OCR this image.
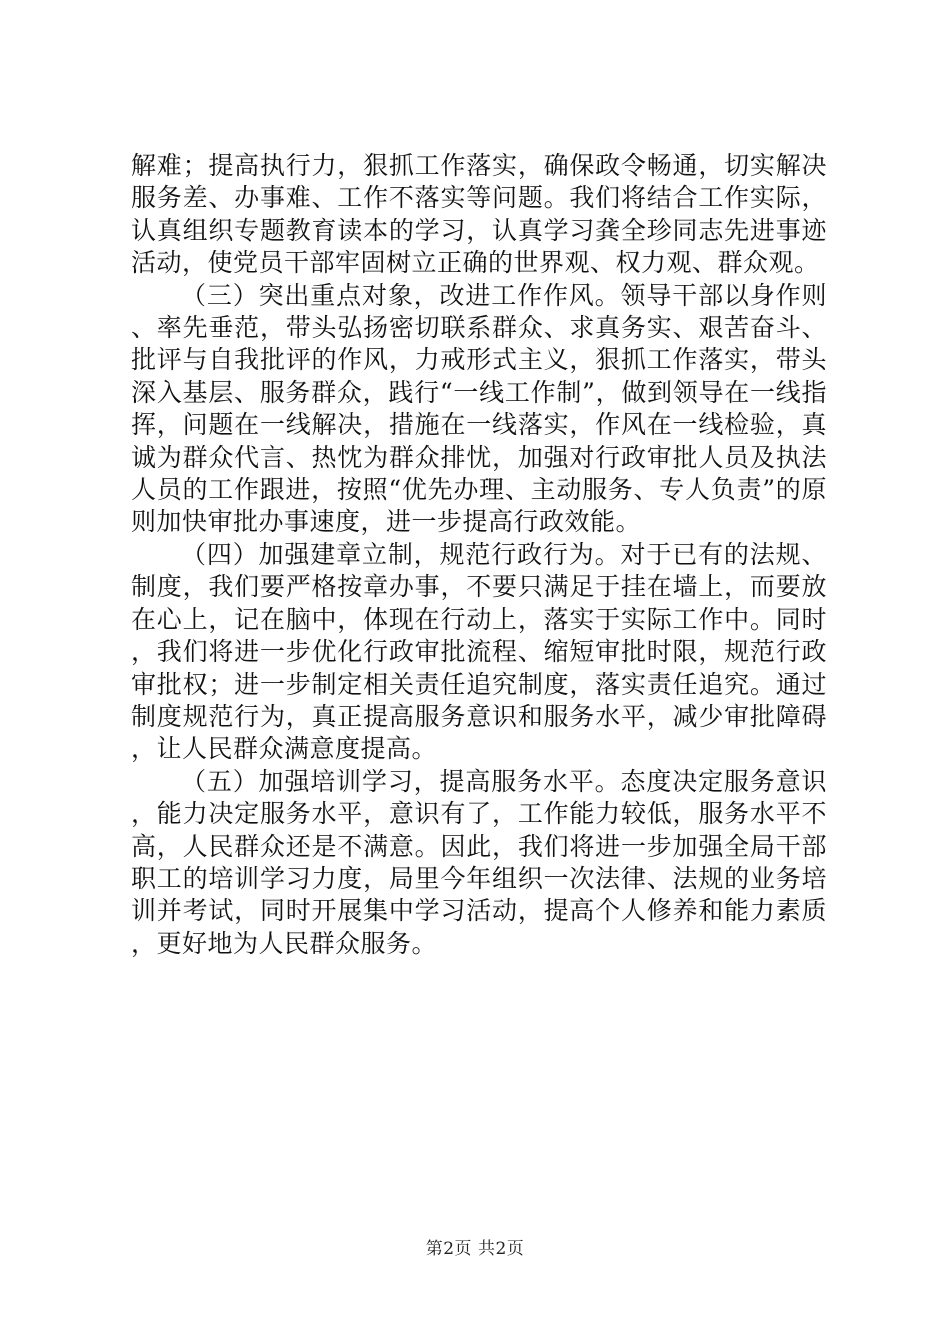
解难；提高执行力，狠抓工作落实，确保政令畅通，切实解决服务差、办事难、工作不落实等问题。我们将结合工作实际，认真组织专题教育读本的学习，认真学习龚全珍同志先进事迹活动，使党员干部牢固树立正确的世界观、权力观、群众观。

（三）突出重点对象，改进工作作风。领导干部以身作则、率先垂范，带头弘扬密切联系群众、求真务实、艰苦奋斗、批评与自我批评的作风，力戒形式主义，狠抓工作落实，带头深入基层、服务群众，践行“一线工作制”，做到领导在一线指挥，问题在一线解决，措施在一线落实，作风在一线检验，真诚为群众代言、热忱为群众排忧，加强对行政审批人员及执法人员的工作跟进，按照“优先办理、主动服务、专人负责”的原则加快审批办事速度，进一步提高行政效能。

（四）加强建章立制，规范行政行为。对于已有的法规、制度，我们要严格按章办事，不要只满足于挂在墙上，而要放在心上，记在脑中，体现在行动上，落实于实际工作中。同时，我们将进一步优化行政审批流程、缩短审批时限，规范行政审批权；进一步制定相关责任追究制度，落实责任追究。通过制度规范行为，真正提高服务意识和服务水平，减少审批障碍，让人民群众满意度提高。

（五）加强培训学习，提高服务水平。态度决定服务意识，能力决定服务水平，意识有了，工作能力较低，服务水平不高，人民群众还是不满意。因此，我们将进一步加强全局干部职工的培训学习力度，局里今年组织一次法律、法规的业务培训并考试，同时开展集中学习活动，提高个人修养和能力素质，更好地为人民群众服务。

第2页 共2页
